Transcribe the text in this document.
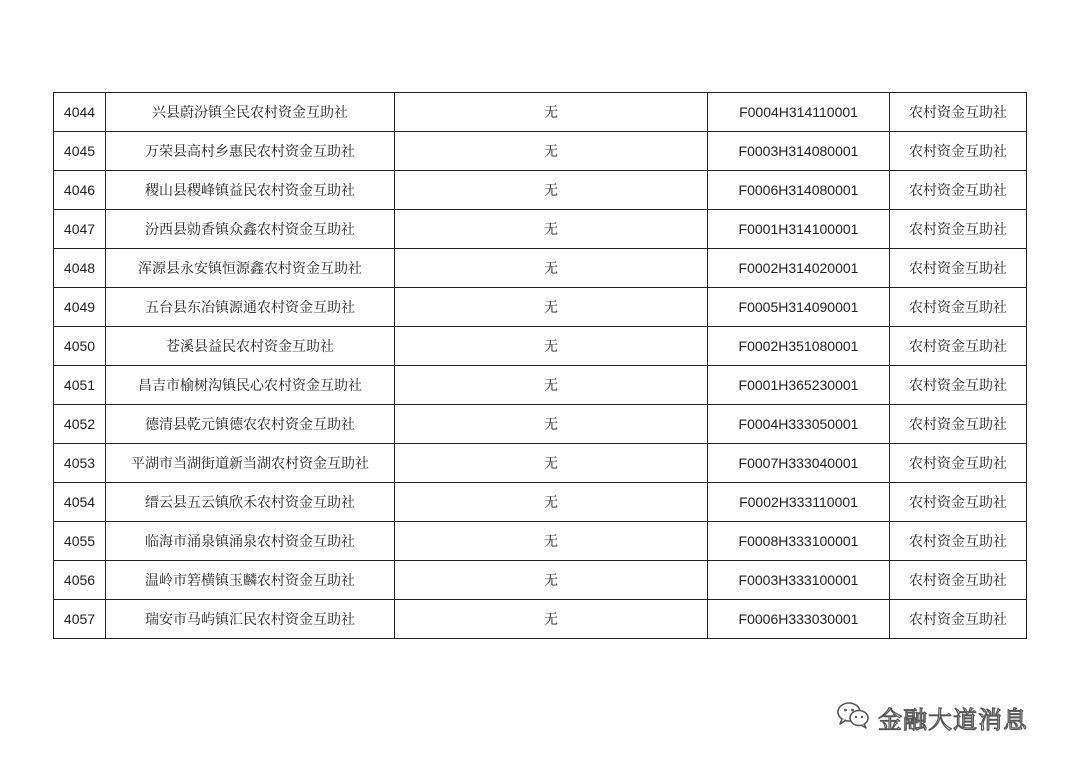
4044	兴县蔚汾镇全民农村资金互助社	无	F0004H314110001	农村资金互助社
4045	万荣县高村乡惠民农村资金互助社	无	F0003H314080001	农村资金互助社
4046	稷山县稷峰镇益民农村资金互助社	无	F0006H314080001	农村资金互助社
4047	汾西县勍香镇众鑫农村资金互助社	无	F0001H314100001	农村资金互助社
4048	浑源县永安镇恒源鑫农村资金互助社	无	F0002H314020001	农村资金互助社
4049	五台县东冶镇源通农村资金互助社	无	F0005H314090001	农村资金互助社
4050	苍溪县益民农村资金互助社	无	F0002H351080001	农村资金互助社
4051	昌吉市榆树沟镇民心农村资金互助社	无	F0001H365230001	农村资金互助社
4052	德清县乾元镇德农农村资金互助社	无	F0004H333050001	农村资金互助社
4053	平湖市当湖街道新当湖农村资金互助社	无	F0007H333040001	农村资金互助社
4054	缙云县五云镇欣禾农村资金互助社	无	F0002H333110001	农村资金互助社
4055	临海市涌泉镇涌泉农村资金互助社	无	F0008H333100001	农村资金互助社
4056	温岭市箬横镇玉麟农村资金互助社	无	F0003H333100001	农村资金互助社
4057	瑞安市马屿镇汇民农村资金互助社	无	F0006H333030001	农村资金互助社
金融大道消息
